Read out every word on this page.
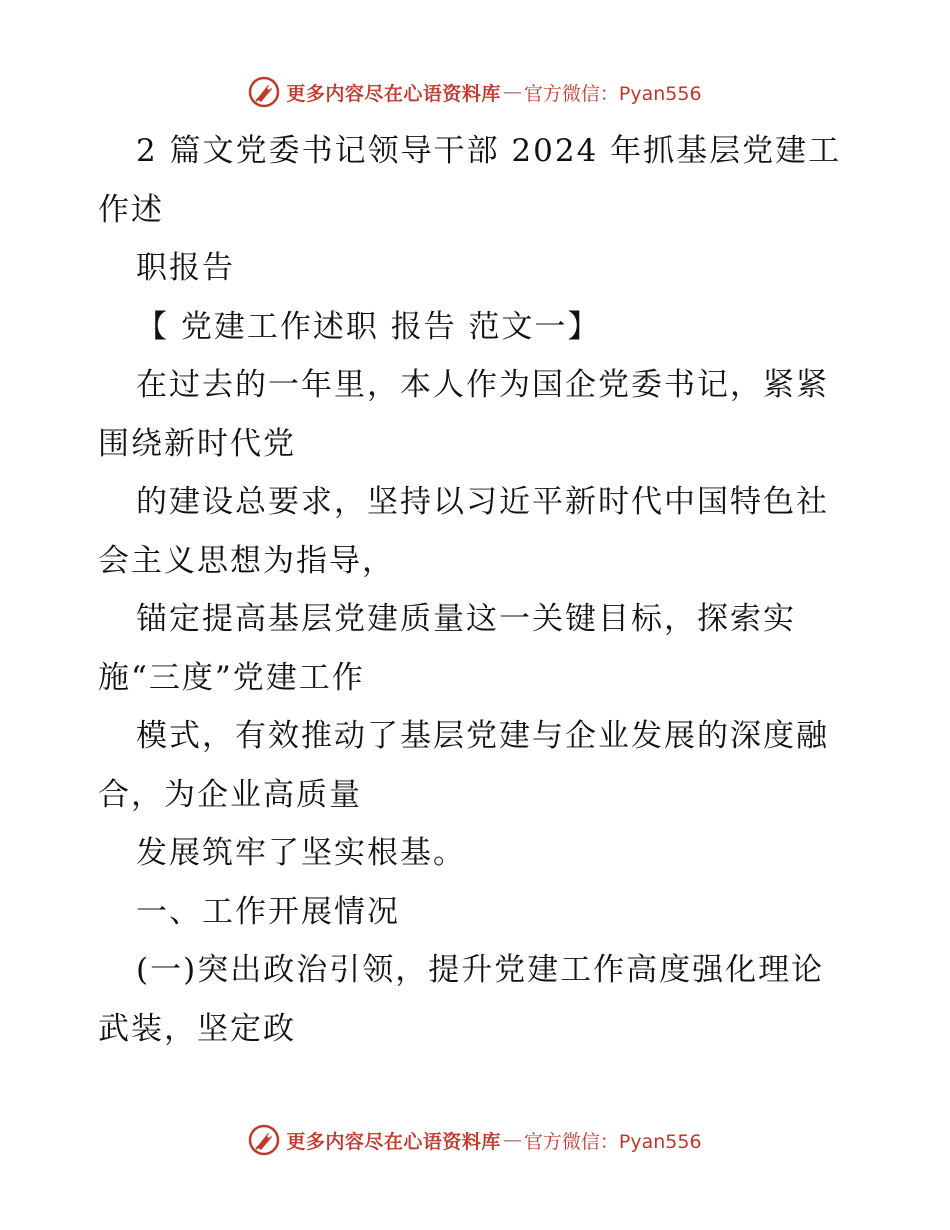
更多内容尽在心语资料库 — 官方微信：Pyan556
2 篇文党委书记领导干部 2024 年抓基层党建工
作述
职报告
【 党建工作述职 报告 范文一】
在过去的一年里，本人作为国企党委书记，紧紧
围绕新时代党
的建设总要求，坚持以习近平新时代中国特色社
会主义思想为指导，
锚定提高基层党建质量这一关键目标，探索实
施“三度”党建工作
模式，有效推动了基层党建与企业发展的深度融
合，为企业高质量
发展筑牢了坚实根基。
一、工作开展情况
(一)突出政治引领，提升党建工作高度强化理论
武装，坚定政
更多内容尽在心语资料库 — 官方微信：Pyan556
